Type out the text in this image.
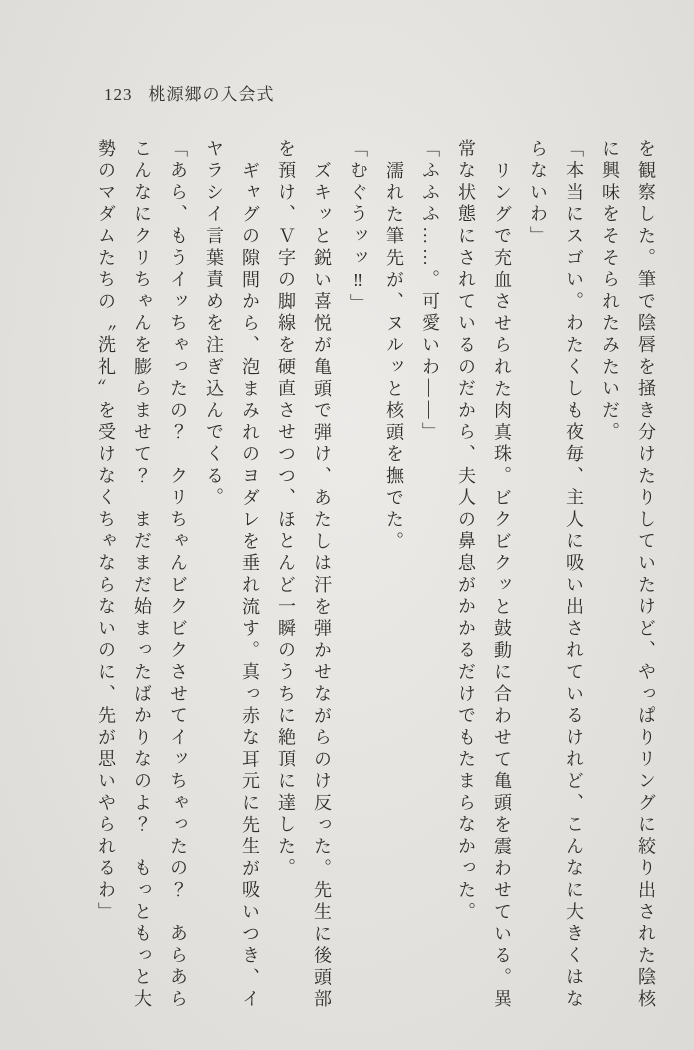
123 桃源郷の入会式
を観察した。筆で陰唇を掻き分けたりしていたけど、やっぱりリングに絞り出された陰核
に興味をそそられたみたいだ。
「本当にスゴい。わたくしも夜毎、主人に吸い出されているけれど、こんなに大きくはな
らないわ」
リングで充血させられた肉真珠。ビクビクッと鼓動に合わせて亀頭を震わせている。異
常な状態にされているのだから、夫人の鼻息がかかるだけでもたまらなかった。
「ふふふ……。可愛いわ――」
濡れた筆先が、ヌルッと核頭を撫でた。
「むぐうッッ‼」
ズキッと鋭い喜悦が亀頭で弾け、あたしは汗を弾かせながらのけ反った。先生に後頭部
を預け、Ｖ字の脚線を硬直させつつ、ほとんど一瞬のうちに絶頂に達した。
ギャグの隙間から、泡まみれのヨダレを垂れ流す。真っ赤な耳元に先生が吸いつき、イ
ヤラシイ言葉責めを注ぎ込んでくる。
「あら、もうイッちゃったの？　クリちゃんビクビクさせてイッちゃったの？　あらあら
こんなにクリちゃんを膨らませて？　まだまだ始まったばかりなのよ？　もっともっと大
勢のマダムたちの〝洗礼〟を受けなくちゃならないのに、先が思いやられるわ」
